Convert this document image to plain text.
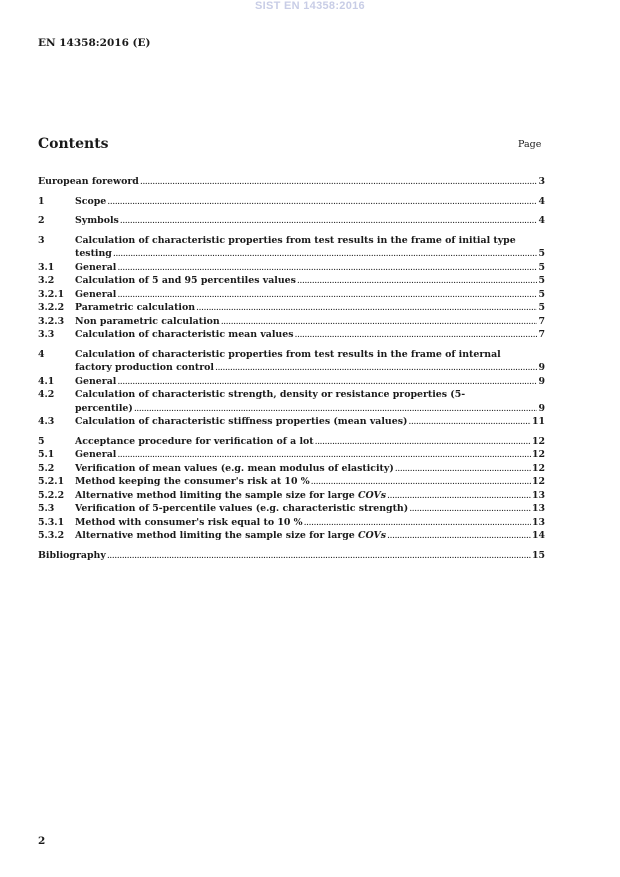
SIST EN 14358:2016
EN 14358:2016 (E)
Contents	Page
European foreword .....	3
1	Scope .....	4
2	Symbols .....	4
3	Calculation of characteristic properties from test results in the frame of initial type
testing .....	5
3.1	General .....	5
3.2	Calculation of 5 and 95 percentiles values .....	5
3.2.1	General .....	5
3.2.2	Parametric calculation .....	5
3.2.3	Non parametric calculation .....	7
3.3	Calculation of characteristic mean values .....	7
4	Calculation of characteristic properties from test results in the frame of internal
factory production control .....	9
4.1	General .....	9
4.2	Calculation of characteristic strength, density or resistance properties (5-
percentile) .....	9
4.3	Calculation of characteristic stiffness properties (mean values) .....	11
5	Acceptance procedure for verification of a lot .....	12
5.1	General .....	12
5.2	Verification of mean values (e.g. mean modulus of elasticity) .....	12
5.2.1	Method keeping the consumer's risk at 10 % .....	12
5.2.2	Alternative method limiting the sample size for large COVs .....	13
5.3	Verification of 5-percentile values (e.g. characteristic strength) .....	13
5.3.1	Method with consumer's risk equal to 10 % .....	13
5.3.2	Alternative method limiting the sample size for large COVs .....	14
Bibliography .....	15
2
